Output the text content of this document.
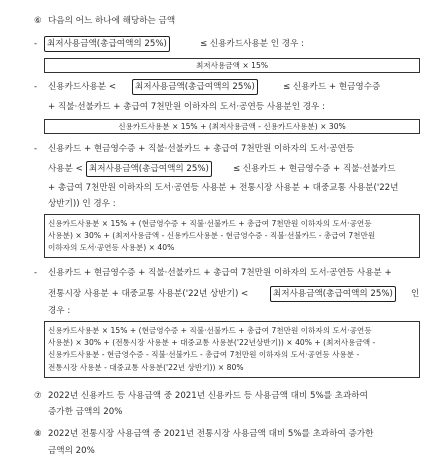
⑥ 다음의 어느 하나에 해당하는 금액
-	최저사용금액(총급여액의 25%)	≤ 신용카드사용분 인 경우 :
최저사용금액 × 15%
- 신용카드사용분 <	최저사용금액(총급여액의 25%)	≤ 신용카드 + 현금영수증
+ 직불·선불카드 + 총급여 7천만원 이하자의 도서·공연등 사용분인 경우 :
신용카드사용분 × 15% + (최저사용금액 - 신용카드사용분) × 30%
- 신용카드 + 현금영수증 + 직불·선불카드 + 총급여 7천만원 이하자의 도서·공연등
사용분 < 최저사용금액(총급여액의 25%)	≤ 신용카드 + 현금영수증 + 직불·선불카드
+ 총급여 7천만원 이하자의 도서·공연등 사용분 + 전통시장 사용분 + 대중교통 사용분('22년
상반기)) 인 경우 :
신용카드사용분 × 15% + (현금영수증 + 직불·선불카드 + 총급여 7천만원 이하자의 도서·공연등
사용분) × 30% + (최저사용금액 - 신용카드사용분 - 현금영수증 - 직불·선불카드 - 총급여 7천만원
이하자의 도서·공연등 사용분) × 40%
- 신용카드 + 현금영수증 + 직불·선불카드 + 총급여 7천만원 이하자의 도서·공연등 사용분 +
전통시장 사용분 + 대중교통 사용분('22년 상반기) <	최저사용금액(총급여액의 25%)	인
경우 :
신용카드사용분 × 15% + (현금영수증 + 직불·선불카드 + 총급여 7천만원 이하자의 도서·공연등
사용분) × 30% + (전통시장 사용분 + 대중교통 사용분('22년상반기)) × 40% + (최저사용금액 -
신용카드사용분 - 현금영수증 - 직불·선불카드 - 총급여 7천만원 이하자의 도서·공연등 사용분 -
전통시장 사용분 - 대중교통 사용분('22년 상반기)) × 80%
⑦ 2022년 신용카드 등 사용금액 중 2021년 신용카드 등 사용금액 대비 5%를 초과하여
증가한 금액의 20%
⑧ 2022년 전통시장 사용금액 중 2021년 전통시장 사용금액 대비 5%를 초과하여 증가한
금액의 20%
